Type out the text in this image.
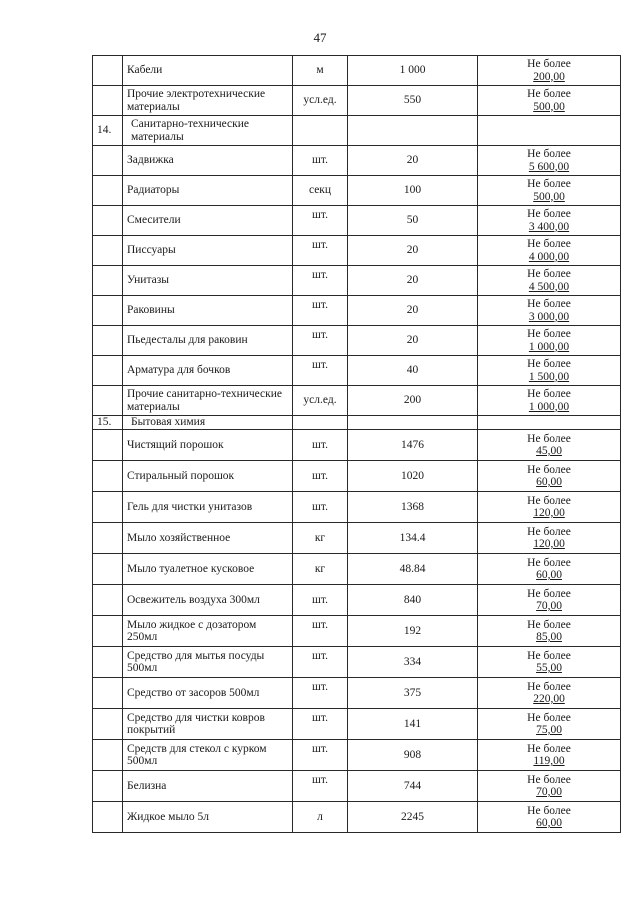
47
	Кабели	м	1 000	Не более
200,00

	Прочие электротехнические материалы	усл.ед.	550	Не более
500,00

14.	Санитарно-технические материалы			
	Задвижка	шт.	20	Не более
5 600,00

	Радиаторы	секц	100	Не более
500,00

	Смесители	шт.	50	Не более
3 400,00

	Писсуары	шт.	20	Не более
4 000,00

	Унитазы	шт.	20	Не более
4 500,00

	Раковины	шт.	20	Не более
3 000,00

	Пьедесталы для раковин	шт.	20	Не более
1 000,00

	Арматура для бочков	шт.	40	Не более
1 500,00

	Прочие санитарно-технические материалы	усл.ед.	200	Не более
1 000,00

15.	Бытовая химия			
	Чистящий порошок	шт.	1476	Не более
45,00

	Стиральный порошок	шт.	1020	Не более
60,00

	Гель для чистки унитазов	шт.	1368	Не более
120,00

	Мыло хозяйственное	кг	134.4	Не более
120,00

	Мыло туалетное кусковое	кг	48.84	Не более
60,00

	Освежитель воздуха 300мл	шт.	840	Не более
70,00

	Мыло жидкое с дозатором 250мл	шт.	192	Не более
85,00

	Средство для мытья посуды 500мл	шт.	334	Не более
55,00

	Средство от засоров 500мл	шт.	375	Не более
220,00

	Средство для чистки ковров покрытий	шт.	141	Не более
75,00

	Средств для стекол с курком 500мл	шт.	908	Не более
119,00

	Белизна	шт.	744	Не более
70,00

	Жидкое мыло 5л	л	2245	Не более
60,00
